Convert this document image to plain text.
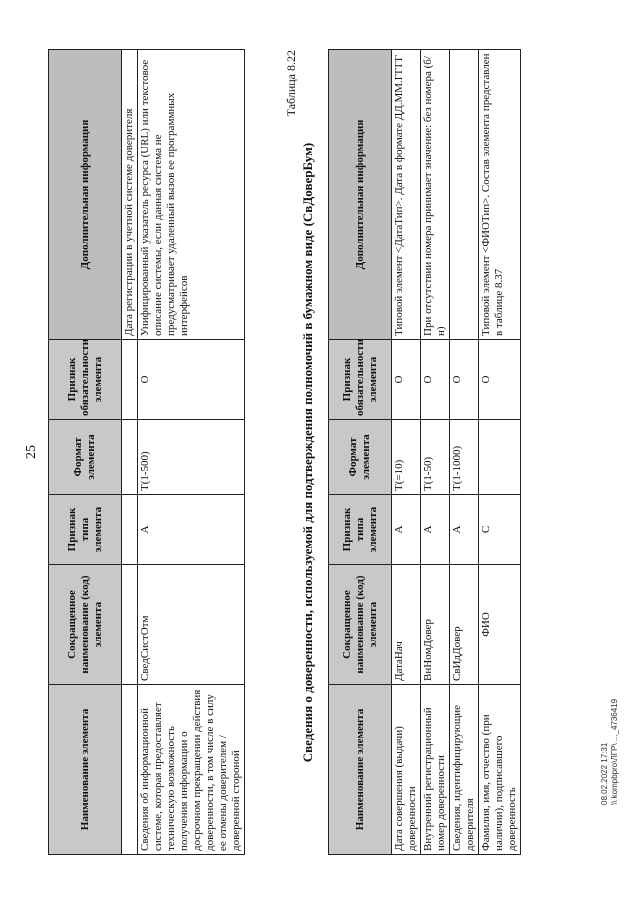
25
Наименование элемента	Сокращенное наименование (код) элемента	Признак типа элемента	Формат элемента	Признак обязательности элемента	Дополнительная информация
					Дата регистрации в учетной системе доверителя
Сведения об информационной системе, которая предоставляет техническую возможность получения информации о досрочном прекращении действия доверенности, в том числе в силу ее отмены доверителем / доверенной стороной	СведСистОтм	А	T(1-500)	О	Унифицированный указатель ресурса (URL) или текстовое описание системы, если данная система не предусматривает удаленный вызов ее программных интерфейсов
Таблица 8.22
Сведения о доверенности, используемой для подтверждения полномочий в бумажном виде (СвДоверБум)
Наименование элемента	Сокращенное наименование (код) элемента	Признак типа элемента	Формат элемента	Признак обязательности элемента	Дополнительная информация
Дата совершения (выдачи) доверенности	ДатаНач	А	T(=10)	О	Типовой элемент <ДатаТип>. Дата в формате ДД.ММ.ГГГГ
Внутренний регистрационный номер доверенности	ВнНомДовер	А	T(1-50)	О	При отсутствии номера принимает значение: без номера (б/н)
Сведения, идентифицирующие доверителя	СвИдДовер	А	T(1-1000)	О	
Фамилия, имя, отчество (при наличии), подписавшего доверенность	ФИО	С		О	Типовой элемент <ФИОТип>. Состав элемента представлен в таблице 8.37
08.02.2022 17:31 \\ kompbpro\ЛГР\ ..._4736419
